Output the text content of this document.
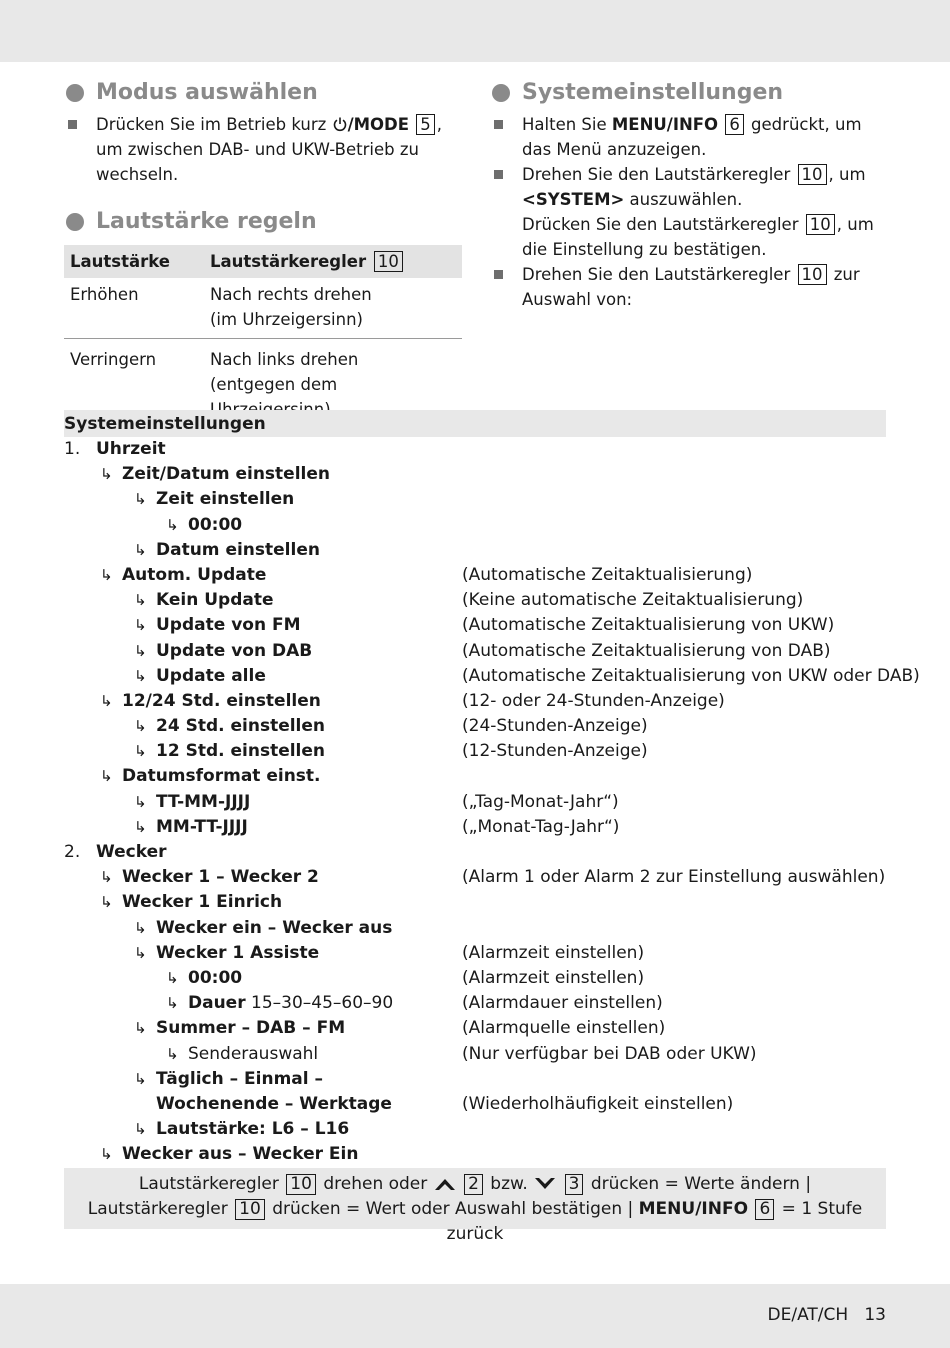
Modus auswählen
Drücken Sie im Betrieb kurz /MODE 5 , um zwischen DAB- und UKW-Betrieb zu wechseln.
Lautstärke regeln
Lautstärke	Lautstärkeregler 10
Erhöhen	Nach rechts drehen
(im Uhrzeigersinn)
Verringern	Nach links drehen
(entgegen dem
Systemeinstellungen
Halten Sie MENU/INFO 6 gedrückt, um das Menü anzuzeigen.
Drehen Sie den Lautstärkeregler 10 , um
<SYSTEM> auszuwählen.
Drücken Sie den Lautstärkeregler 10 , um die Einstellung zu bestätigen.
Drehen Sie den Lautstärkeregler 10 zur Auswahl von:
Systemeinstellungen
1. Uhrzeit
↳ Zeit/Datum einstellen
↳ Zeit einstellen
↳ 00:00
↳ Datum einstellen
↳ Autom. Update	(Automatische Zeitaktualisierung)
↳ Kein Update	(Keine automatische Zeitaktualisierung)
↳ Update von FM	(Automatische Zeitaktualisierung von UKW)
↳ Update von DAB	(Automatische Zeitaktualisierung von DAB)
↳ Update alle	(Automatische Zeitaktualisierung von UKW oder DAB)
↳ 12/24 Std. einstellen	(12- oder 24-Stunden-Anzeige)
↳ 24 Std. einstellen	(24-Stunden-Anzeige)
↳ 12 Std. einstellen	(12-Stunden-Anzeige)
↳ Datumsformat einst.
↳ TT-MM-JJJJ	(„Tag-Monat-Jahr“)
↳ MM-TT-JJJJ	(„Monat-Tag-Jahr“)
2. Wecker
↳ Wecker 1 – Wecker 2	(Alarm 1 oder Alarm 2 zur Einstellung auswählen)
↳ Wecker 1 Einrich
↳ Wecker ein – Wecker aus
↳ Wecker 1 Assiste	(Alarmzeit einstellen)
↳ 00:00	(Alarmzeit einstellen)
↳ Dauer 15–30–45–60–90	(Alarmdauer einstellen)
↳ Summer – DAB – FM	(Alarmquelle einstellen)
↳ Senderauswahl	(Nur verfügbar bei DAB oder UKW)
↳ Täglich – Einmal –
Wochenende – Werktage	(Wiederholhäufigkeit einstellen)
↳ Lautstärke: L6 – L16
↳ Wecker aus – Wecker Ein
Lautstärkeregler 10 drehen oder  2 bzw.  3 drücken = Werte ändern |
Lautstärkeregler 10 drücken = Wert oder Auswahl bestätigen | MENU/INFO 6 = 1 Stufe zurück
DE/AT/CH   13
